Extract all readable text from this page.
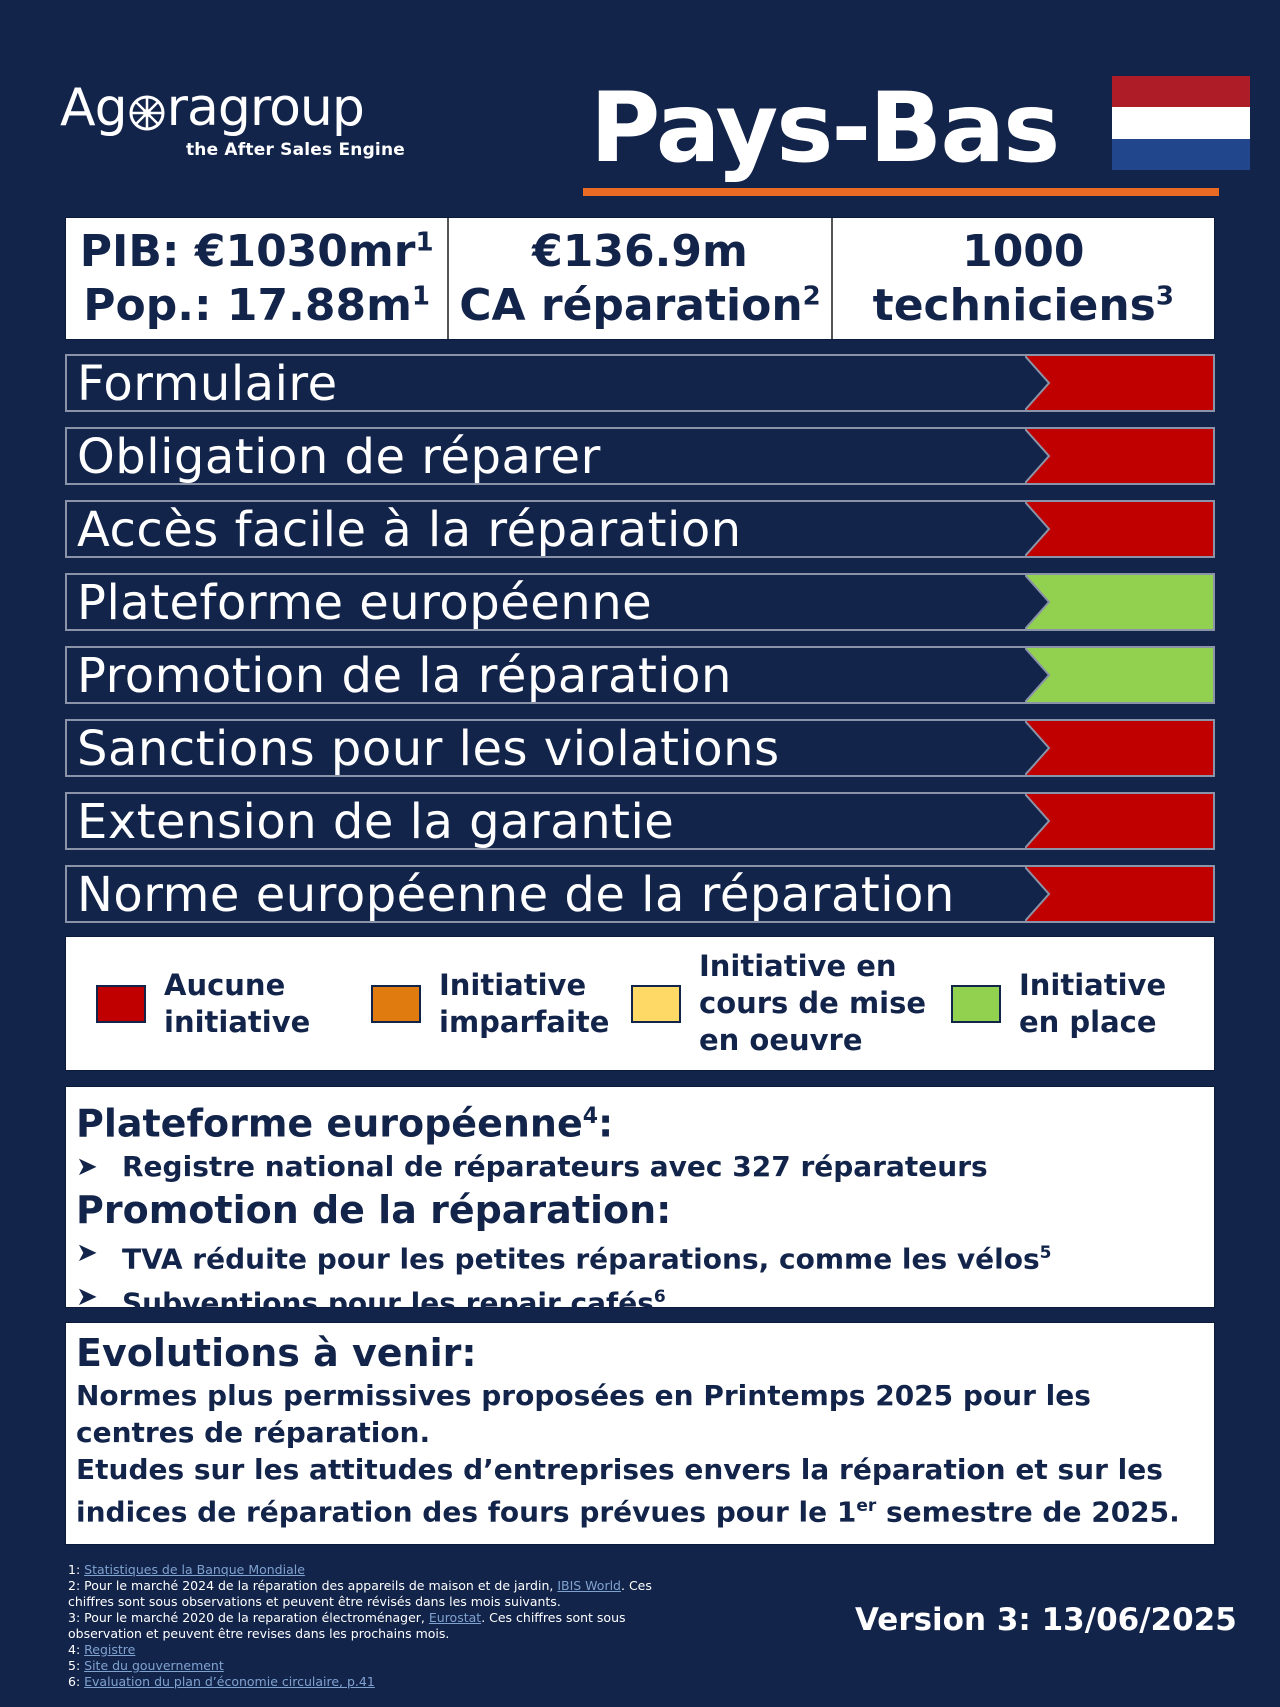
Ag ragroup
the After Sales Engine Pays-Bas
PIB: $€1030mr^1$
Pop.: $17.88m^1$
€136.9m
CA réparation$^2$
1000
techniciens$^3$
Formulaire
Obligation de réparer
Accès facile à la réparation
Plateforme européenne
Promotion de la réparation
Sanctions pour les violations
Extension de la garantie
Norme européenne de la réparation
Aucune
initiative
Initiative
imparfaite
Initiative en
cours de mise
en oeuvre
Initiative
en place
Plateforme européenne$^4$:
➤ Registre national de réparateurs avec 327 réparateurs
Promotion de la réparation:
➤ TVA réduite pour les petites réparations, comme les vélos$^5$
➤ Subventions pour les repair cafés$^6$
Evolutions à venir:

Normes plus permissives proposées en Printemps 2025 pour les centres de réparation.

Etudes sur les attitudes d’entreprises envers la réparation et sur les indices de réparation des fours prévues pour le 1er semestre de 2025.

1: Statistiques de la Banque Mondiale
2: Pour le marché 2024 de la réparation des appareils de maison et de jardin, IBIS World. Ces chiffres sont sous observations et peuvent être révisés dans les mois suivants.
3: Pour le marché 2020 de la reparation électroménager, Eurostat. Ces chiffres sont sous observation et peuvent être revises dans les prochains mois.
4: Registre
5: Site du gouvernement
6: Evaluation du plan d’économie circulaire, p.41
Version 3: 13/06/2025
